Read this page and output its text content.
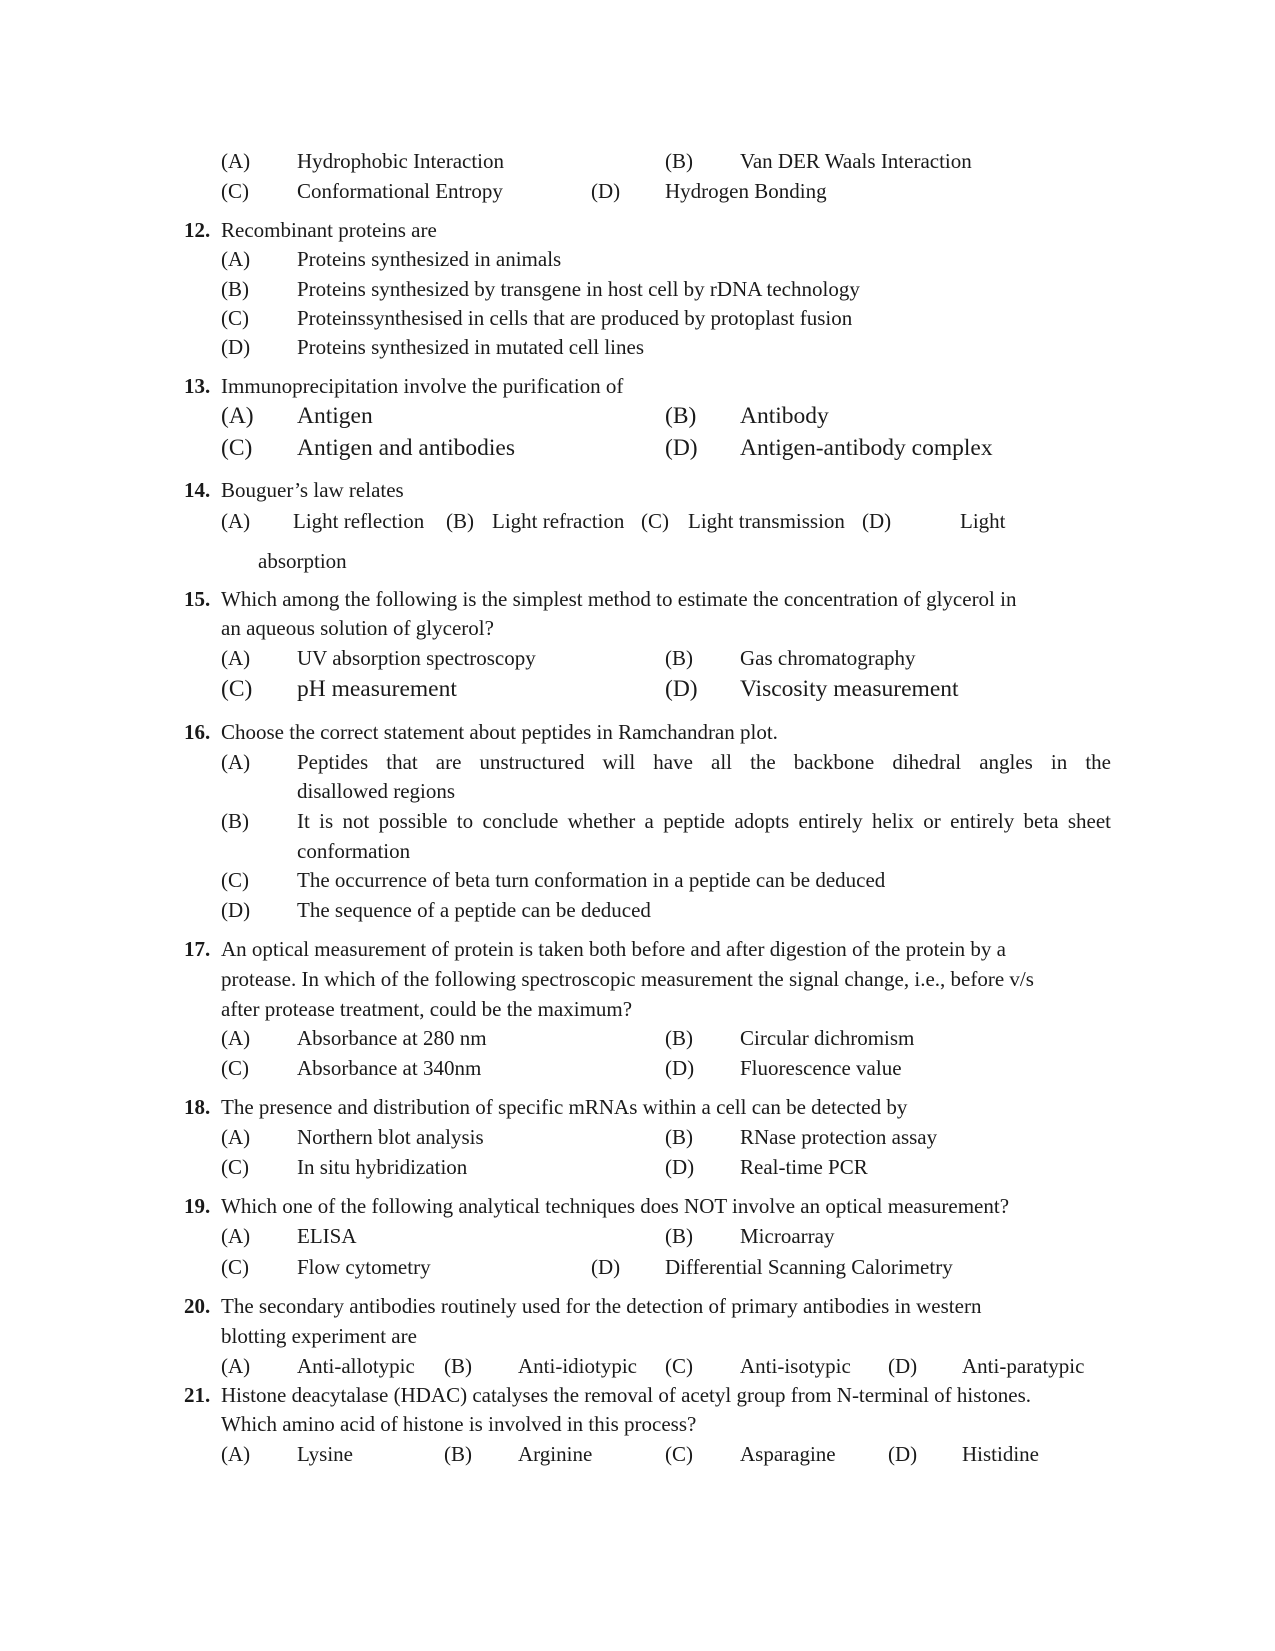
(A) Hydrophobic Interaction	(B) Van DER Waals Interaction
(C) Conformational Entropy	(D) Hydrogen Bonding
12. Recombinant proteins are
(A) Proteins synthesized in animals
(B) Proteins synthesized by transgene in host cell by rDNA technology
(C) Proteinssynthesised in cells that are produced by protoplast fusion
(D) Proteins synthesized in mutated cell lines
13. Immunoprecipitation involve the purification of
(A) Antigen	(B) Antibody
(C) Antigen and antibodies	(D) Antigen-antibody complex
14. Bouguer’s law relates
(A) Light reflection (B) Light refraction (C) Light transmission (D)	Light
absorption
15. Which among the following is the simplest method to estimate the concentration of glycerol in
an aqueous solution of glycerol?
(A) UV absorption spectroscopy	(B) Gas chromatography
(C) pH measurement	(D) Viscosity measurement
16. Choose the correct statement about peptides in Ramchandran plot.
(A) Peptides that are unstructured will have all the backbone dihedral angles in the
disallowed regions
(B) It is not possible to conclude whether a peptide adopts entirely helix or entirely beta sheet
conformation
(C) The occurrence of beta turn conformation in a peptide can be deduced
(D) The sequence of a peptide can be deduced
17. An optical measurement of protein is taken both before and after digestion of the protein by a
protease. In which of the following spectroscopic measurement the signal change, i.e., before v/s
after protease treatment, could be the maximum?
(A) Absorbance at 280 nm	(B) Circular dichromism
(C) Absorbance at 340nm	(D) Fluorescence value
18. The presence and distribution of specific mRNAs within a cell can be detected by
(A) Northern blot analysis	(B) RNase protection assay
(C) In situ hybridization	(D) Real-time PCR
19. Which one of the following analytical techniques does NOT involve an optical measurement?
(A) ELISA	(B) Microarray
(C) Flow cytometry	(D) Differential Scanning Calorimetry
20. The secondary antibodies routinely used for the detection of primary antibodies in western
blotting experiment are
(A) Anti-allotypic (B) Anti-idiotypic (C) Anti-isotypic (D) Anti-paratypic
21. Histone deacytalase (HDAC) catalyses the removal of acetyl group from N-terminal of histones.
Which amino acid of histone is involved in this process?
(A) Lysine	(B) Arginine	(C) Asparagine (D) Histidine
